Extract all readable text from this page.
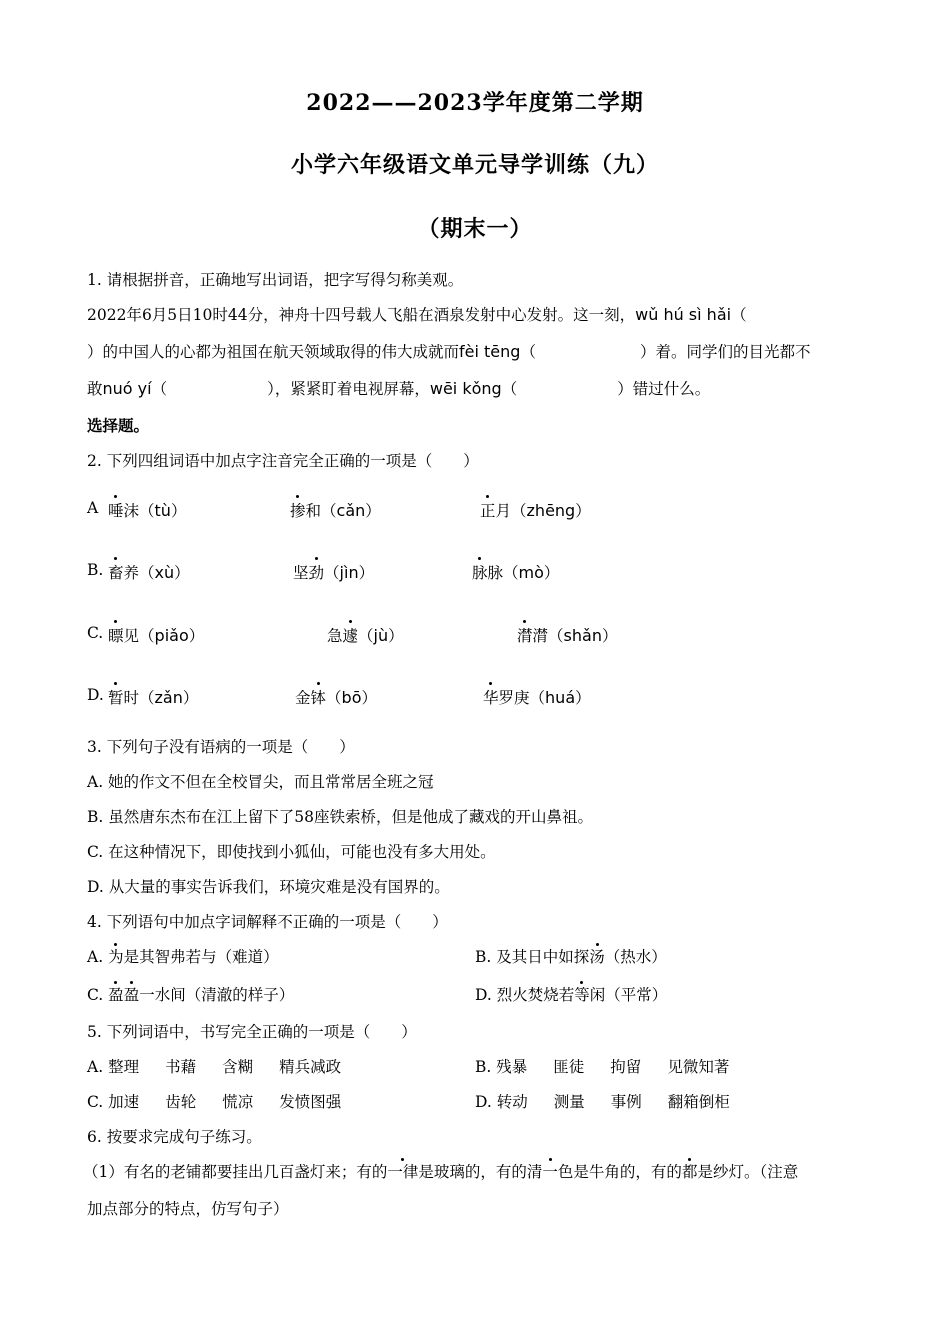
2022——2023学年度第二学期
小学六年级语文单元导学训练（九）
（期末一）
1. 请根据拼音，正确地写出词语，把字写得匀称美观。
2022年6月5日10时44分，神舟十四号载人飞船在酒泉发射中心发射。这一刻，wǔ hú sì hǎi（
）的中国人的心都为祖国在航天领域取得的伟大成就而fèi tēng（	）着。同学们的目光都不
敢nuó yí（	），紧紧盯着电视屏幕，wēi kǒng（	）错过什么。
选择题。
2. 下列四组词语中加点字注音完全正确的一项是（　　）
A 唾沫（tù）	掺和（cǎn）	正月（zhēng）
B. 畜养（xù）	坚劲（jìn）	脉脉（mò）
C. 瞟见（piǎo）	急遽（jù）	潸潸（shǎn）
D. 暂时（zǎn）	金钵（bō）	华罗庚（huá）
3. 下列句子没有语病的一项是（　　）
A. 她的作文不但在全校冒尖，而且常常居全班之冠
B. 虽然唐东杰布在江上留下了58座铁索桥，但是他成了藏戏的开山鼻祖。
C. 在这种情况下，即使找到小狐仙，可能也没有多大用处。
D. 从大量的事实告诉我们，环境灾难是没有国界的。
4. 下列语句中加点字词解释不正确的一项是（　　）
A. 为是其智弗若与（难道）	B. 及其日中如探汤（热水）
C. 盈盈一水间（清澈的样子）	D. 烈火焚烧若等闲（平常）
5. 下列词语中，书写完全正确的一项是（　　）
A. 整理 书藉 含糊 精兵减政	B. 残暴 匪徒 拘留 见微知著
C. 加速 齿轮 慌凉 发愤图强	D. 转动 测量 事例 翻箱倒柜
6. 按要求完成句子练习。
（1）有名的老铺都要挂出几百盏灯来；有的一律是玻璃的，有的清一色是牛角的，有的都是纱灯。（注意
加点部分的特点，仿写句子）
